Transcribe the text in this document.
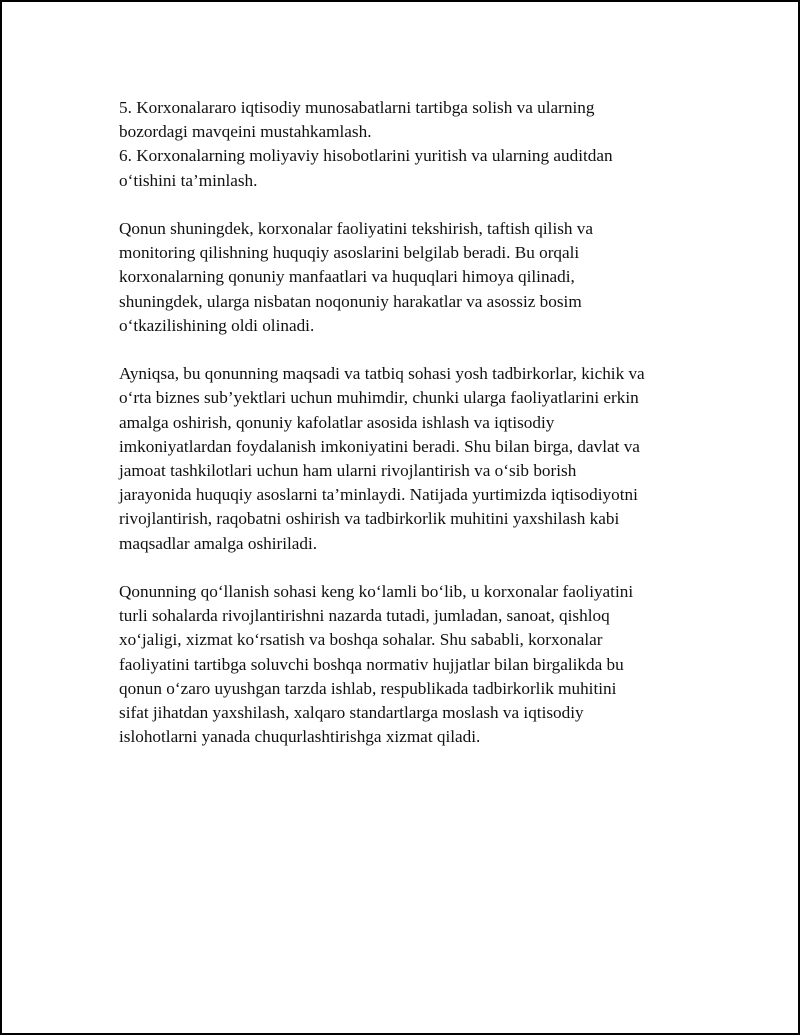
5. Korxonalararo iqtisodiy munosabatlarni tartibga solish va ularning

bozordagi mavqeini mustahkamlash.

6. Korxonalarning moliyaviy hisobotlarini yuritish va ularning auditdan

o‘tishini ta’minlash.

Qonun shuningdek, korxonalar faoliyatini tekshirish, taftish qilish va

monitoring qilishning huquqiy asoslarini belgilab beradi. Bu orqali

korxonalarning qonuniy manfaatlari va huquqlari himoya qilinadi,

shuningdek, ularga nisbatan noqonuniy harakatlar va asossiz bosim

o‘tkazilishining oldi olinadi.

Ayniqsa, bu qonunning maqsadi va tatbiq sohasi yosh tadbirkorlar, kichik va

o‘rta biznes sub’yektlari uchun muhimdir, chunki ularga faoliyatlarini erkin

amalga oshirish, qonuniy kafolatlar asosida ishlash va iqtisodiy

imkoniyatlardan foydalanish imkoniyatini beradi. Shu bilan birga, davlat va

jamoat tashkilotlari uchun ham ularni rivojlantirish va o‘sib borish

jarayonida huquqiy asoslarni ta’minlaydi. Natijada yurtimizda iqtisodiyotni

rivojlantirish, raqobatni oshirish va tadbirkorlik muhitini yaxshilash kabi

maqsadlar amalga oshiriladi.

Qonunning qo‘llanish sohasi keng ko‘lamli bo‘lib, u korxonalar faoliyatini

turli sohalarda rivojlantirishni nazarda tutadi, jumladan, sanoat, qishloq

xo‘jaligi, xizmat ko‘rsatish va boshqa sohalar. Shu sababli, korxonalar

faoliyatini tartibga soluvchi boshqa normativ hujjatlar bilan birgalikda bu

qonun o‘zaro uyushgan tarzda ishlab, respublikada tadbirkorlik muhitini

sifat jihatdan yaxshilash, xalqaro standartlarga moslash va iqtisodiy

islohotlarni yanada chuqurlashtirishga xizmat qiladi.
